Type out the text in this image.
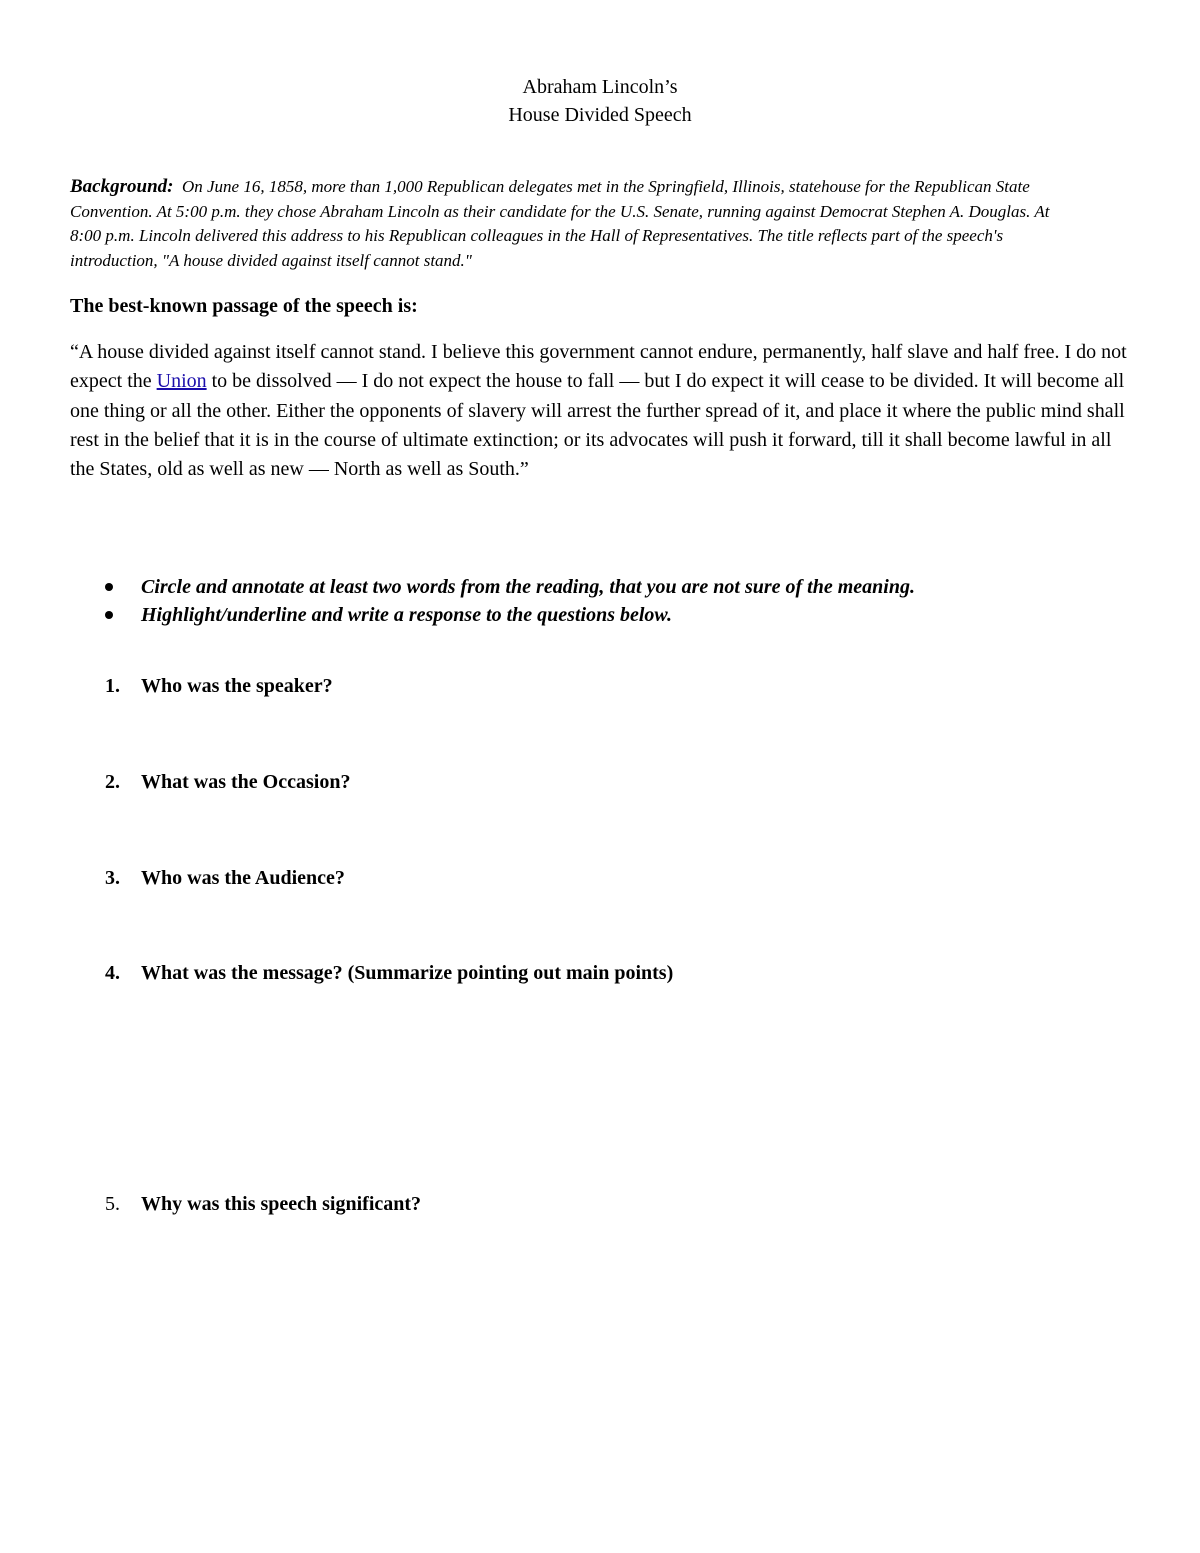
Abraham Lincoln’s
House Divided Speech
Background: On June 16, 1858, more than 1,000 Republican delegates met in the Springfield, Illinois, statehouse for the Republican State Convention. At 5:00 p.m. they chose Abraham Lincoln as their candidate for the U.S. Senate, running against Democrat Stephen A. Douglas. At 8:00 p.m. Lincoln delivered this address to his Republican colleagues in the Hall of Representatives. The title reflects part of the speech's introduction, "A house divided against itself cannot stand."
The best-known passage of the speech is:
“A house divided against itself cannot stand. I believe this government cannot endure, permanently, half slave and half free. I do not expect the Union to be dissolved — I do not expect the house to fall — but I do expect it will cease to be divided. It will become all one thing or all the other. Either the opponents of slavery will arrest the further spread of it, and place it where the public mind shall rest in the belief that it is in the course of ultimate extinction; or its advocates will push it forward, till it shall become lawful in all the States, old as well as new — North as well as South.”
Circle and annotate at least two words from the reading, that you are not sure of the meaning.
Highlight/underline and write a response to the questions below.
1. Who was the speaker?
2. What was the Occasion?
3. Who was the Audience?
4. What was the message? (Summarize pointing out main points)
5. Why was this speech significant?
